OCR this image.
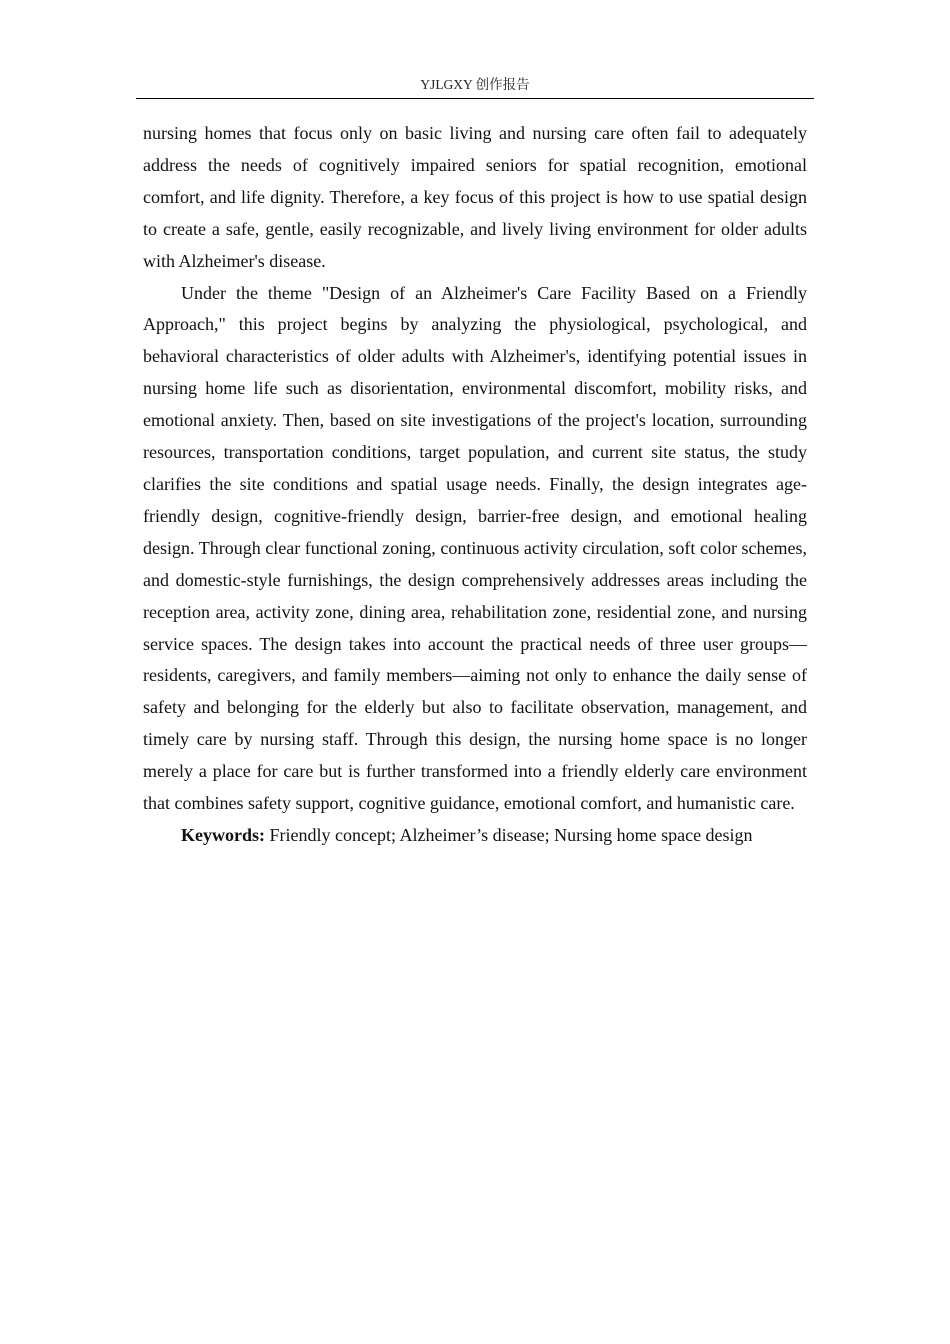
YJLGXY 创作报告

nursing homes that focus only on basic living and nursing care often fail to adequately address the needs of cognitively impaired seniors for spatial recognition, emotional comfort, and life dignity. Therefore, a key focus of this project is how to use spatial design to create a safe, gentle, easily recognizable, and lively living environment for older adults with Alzheimer's disease.

Under the theme "Design of an Alzheimer's Care Facility Based on a Friendly Approach," this project begins by analyzing the physiological, psychological, and behavioral characteristics of older adults with Alzheimer's, identifying potential issues in nursing home life such as disorientation, environmental discomfort, mobility risks, and emotional anxiety. Then, based on site investigations of the project's location, surrounding resources, transportation conditions, target population, and current site status, the study clarifies the site conditions and spatial usage needs. Finally, the design integrates age-friendly design, cognitive-friendly design, barrier-free design, and emotional healing design. Through clear functional zoning, continuous activity circulation, soft color schemes, and domestic-style furnishings, the design comprehensively addresses areas including the reception area, activity zone, dining area, rehabilitation zone, residential zone, and nursing service spaces. The design takes into account the practical needs of three user groups— residents, caregivers, and family members—aiming not only to enhance the daily sense of safety and belonging for the elderly but also to facilitate observation, management, and timely care by nursing staff. Through this design, the nursing home space is no longer merely a place for care but is further transformed into a friendly elderly care environment that combines safety support, cognitive guidance, emotional comfort, and humanistic care.

Keywords: Friendly concept; Alzheimer’s disease; Nursing home space design
